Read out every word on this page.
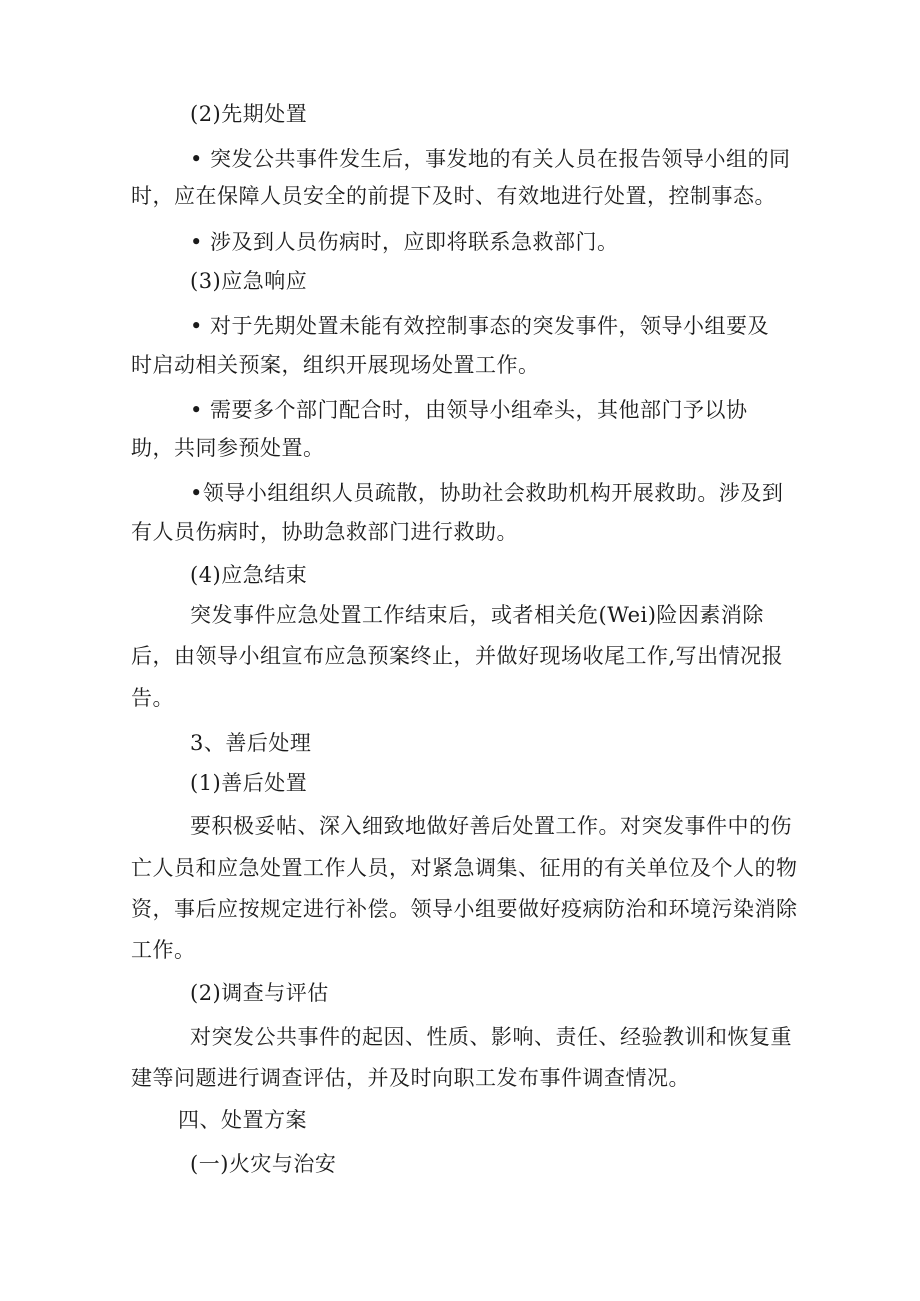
(2)先期处置
• 突发公共事件发生后，事发地的有关人员在报告领导小组的同
时，应在保障人员安全的前提下及时、有效地进行处置，控制事态。
• 涉及到人员伤病时，应即将联系急救部门。
(3)应急响应
• 对于先期处置未能有效控制事态的突发事件，领导小组要及
时启动相关预案，组织开展现场处置工作。
• 需要多个部门配合时，由领导小组牵头，其他部门予以协
助，共同参预处置。
•领导小组组织人员疏散，协助社会救助机构开展救助。涉及到
有人员伤病时，协助急救部门进行救助。
(4)应急结束
突发事件应急处置工作结束后，或者相关危(Wei)险因素消除
后，由领导小组宣布应急预案终止，并做好现场收尾工作,写出情况报
告。
3、善后处理
(1)善后处置
要积极妥帖、深入细致地做好善后处置工作。对突发事件中的伤
亡人员和应急处置工作人员，对紧急调集、征用的有关单位及个人的物
资，事后应按规定进行补偿。领导小组要做好疫病防治和环境污染消除
工作。
(2)调查与评估
对突发公共事件的起因、性质、影响、责任、经验教训和恢复重
建等问题进行调查评估，并及时向职工发布事件调查情况。
四、处置方案
(一)火灾与治安
